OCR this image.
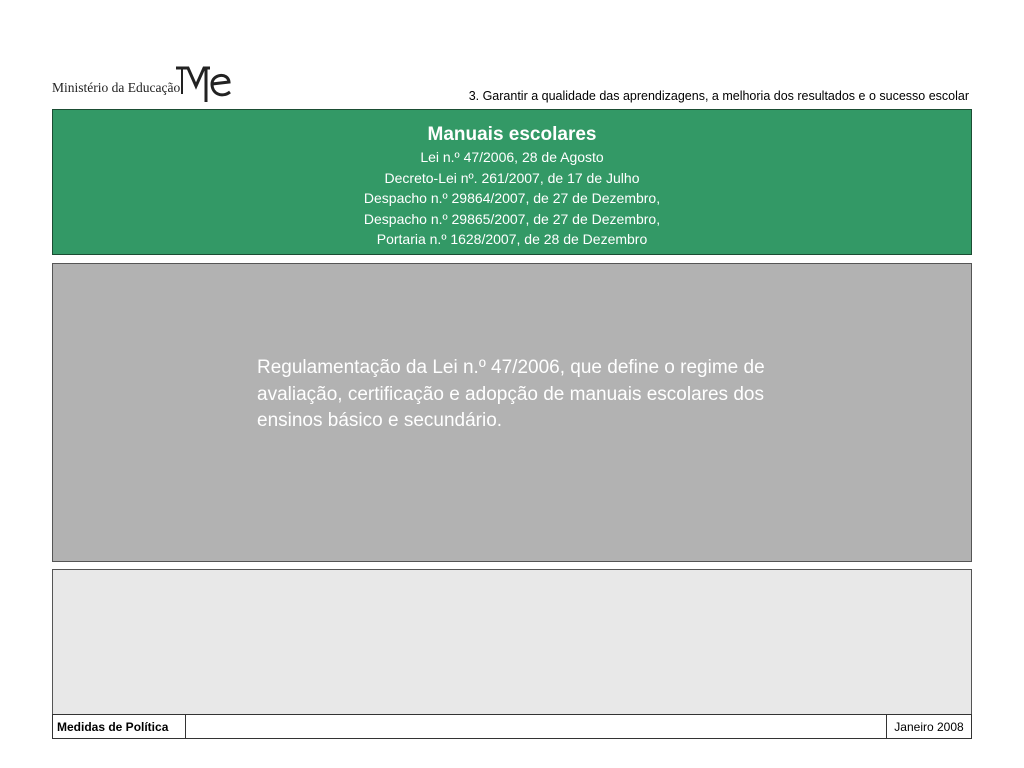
Ministério da Educação
3. Garantir a qualidade das aprendizagens, a melhoria dos resultados e o sucesso escolar
Manuais escolares
Lei n.º 47/2006, 28 de Agosto
Decreto-Lei nº. 261/2007, de 17 de Julho
Despacho n.º 29864/2007, de 27 de Dezembro,
Despacho n.º 29865/2007, de 27 de Dezembro,
Portaria n.º 1628/2007, de 28 de Dezembro
Regulamentação da Lei n.º 47/2006, que define o regime de avaliação, certificação e adopção de manuais escolares dos ensinos básico e secundário.
Medidas de Política	Janeiro 2008
